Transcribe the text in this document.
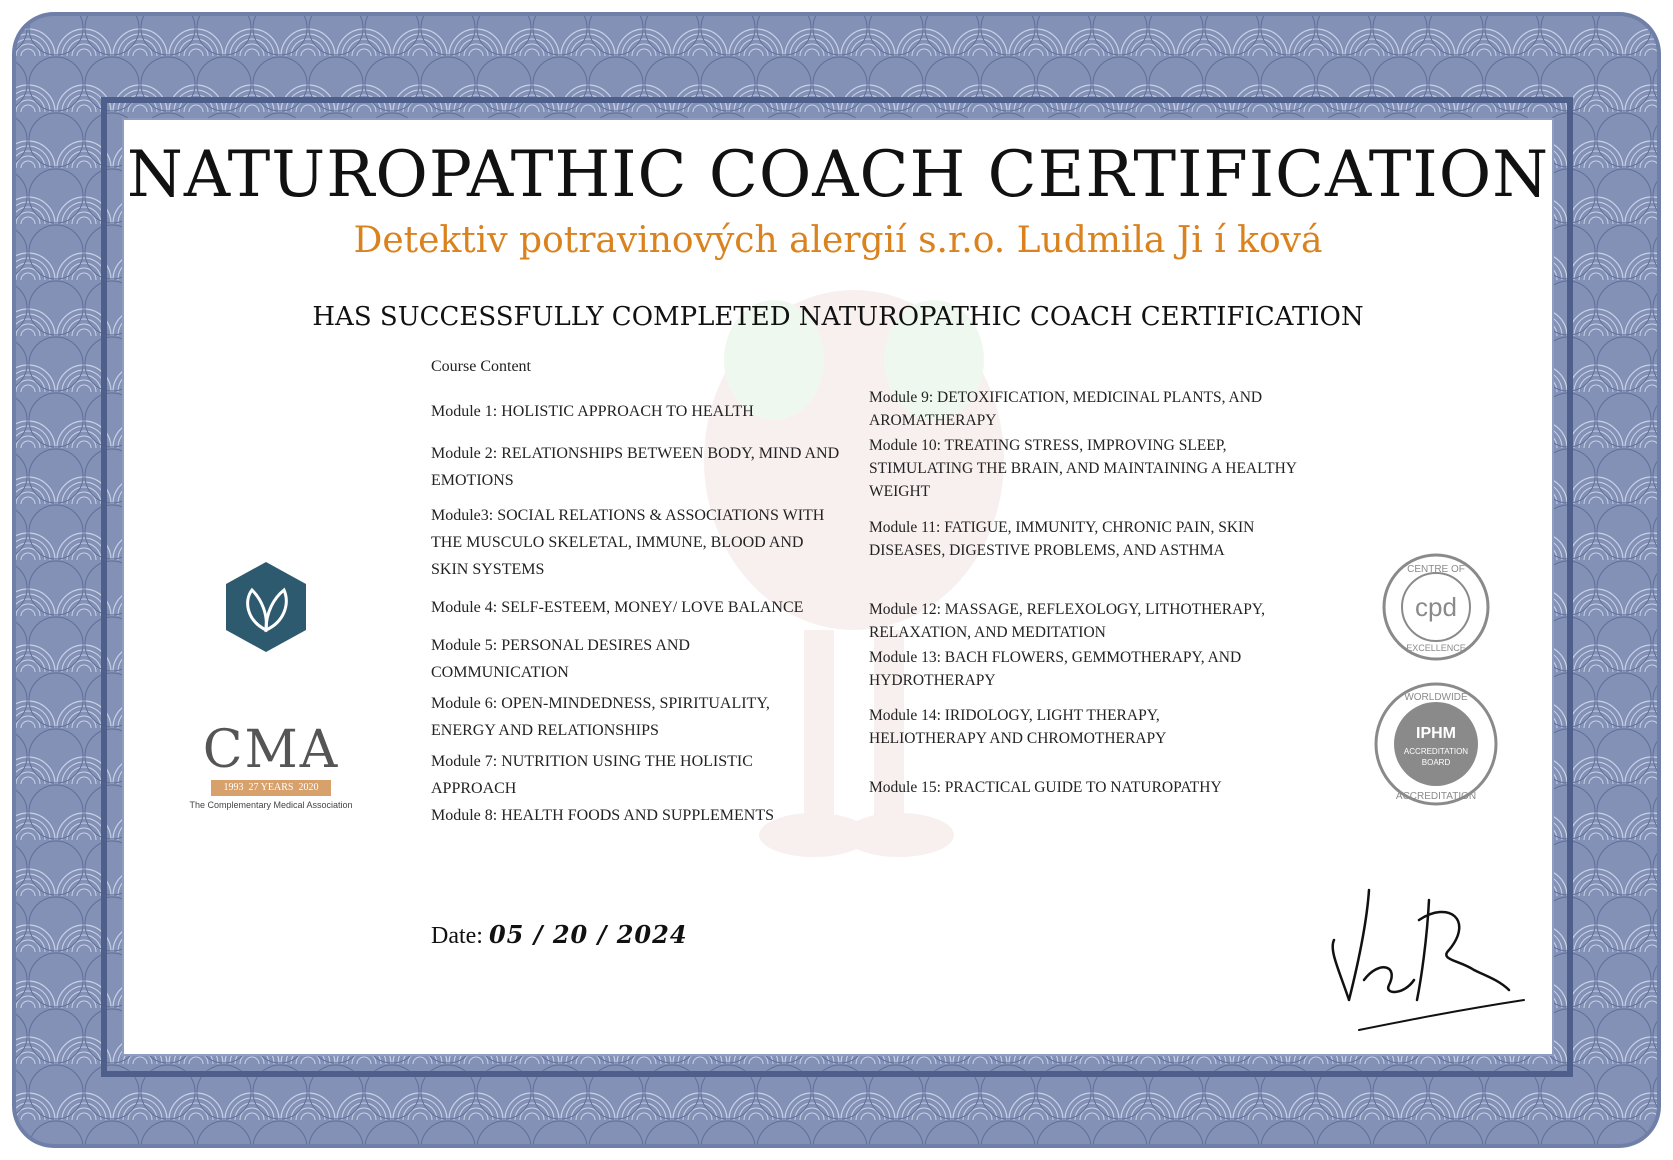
NATUROPATHIC COACH CERTIFICATION
Detektiv potravinových alergií s.r.o. Ludmila Ji í ková
HAS SUCCESSFULLY COMPLETED NATUROPATHIC COACH CERTIFICATION
Course Content
Module 1: HOLISTIC APPROACH TO HEALTH
Module 2: RELATIONSHIPS BETWEEN BODY, MIND AND EMOTIONS
Module3: SOCIAL RELATIONS & ASSOCIATIONS WITH THE MUSCULO SKELETAL, IMMUNE, BLOOD AND SKIN SYSTEMS
Module 4: SELF-ESTEEM, MONEY/ LOVE BALANCE
Module 5: PERSONAL DESIRES AND COMMUNICATION
Module 6: OPEN-MINDEDNESS, SPIRITUALITY, ENERGY AND RELATIONSHIPS
Module 7: NUTRITION USING THE HOLISTIC APPROACH
Module 8: HEALTH FOODS AND SUPPLEMENTS
Module 9: DETOXIFICATION, MEDICINAL PLANTS, AND AROMATHERAPY
Module 10: TREATING STRESS, IMPROVING SLEEP, STIMULATING THE BRAIN, AND MAINTAINING A HEALTHY WEIGHT
Module 11: FATIGUE, IMMUNITY, CHRONIC PAIN, SKIN DISEASES, DIGESTIVE PROBLEMS, AND ASTHMA
Module 12: MASSAGE, REFLEXOLOGY, LITHOTHERAPY, RELAXATION, AND MEDITATION
Module 13: BACH FLOWERS, GEMMOTHERAPY, AND HYDROTHERAPY
Module 14: IRIDOLOGY, LIGHT THERAPY, HELIOTHERAPY AND CHROMOTHERAPY
Module 15: PRACTICAL GUIDE TO NATUROPATHY
Date: 05 / 20 / 2024
CMA
1993 27 YEARS 2020
The Complementary Medical Association
CENTRE OF
cpd
EXCELLENCE
WORLDWIDE
IPHM
ACCREDITATION
BOARD
ACCREDITATION
